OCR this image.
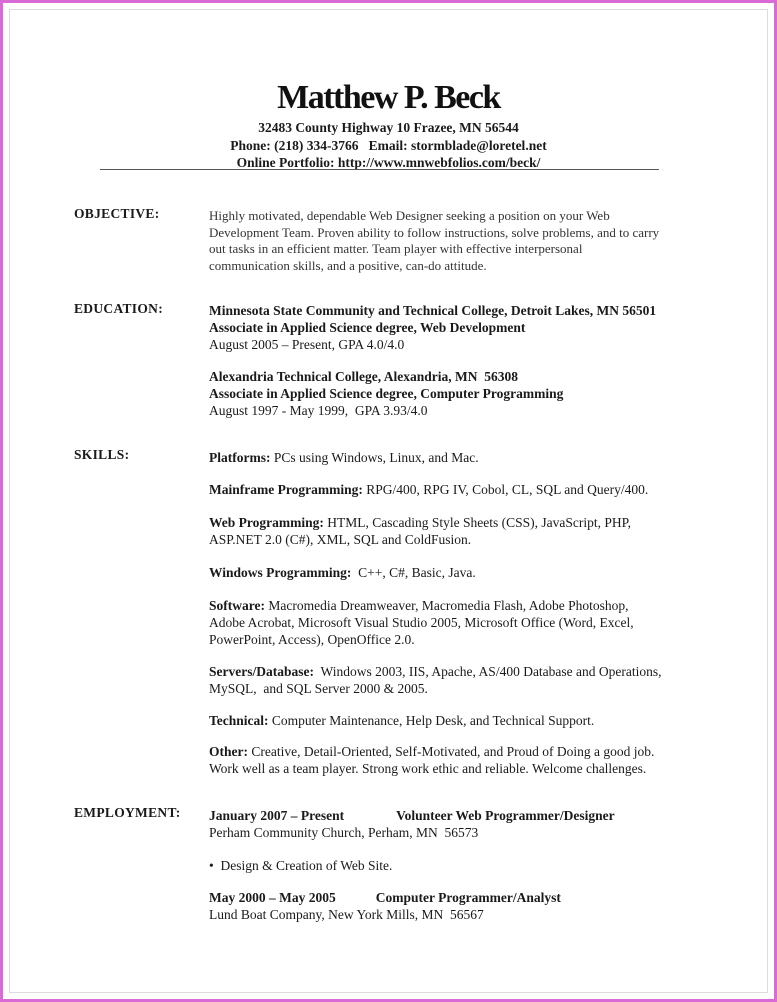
Matthew P. Beck
32483 County Highway 10 Frazee, MN 56544
Phone: (218) 334-3766   Email: stormblade@loretel.net
Online Portfolio: http://www.mnwebfolios.com/beck/
OBJECTIVE:	Highly motivated, dependable Web Designer seeking a position on your Web
Development Team. Proven ability to follow instructions, solve problems, and to carry
out tasks in an efficient matter. Team player with effective interpersonal
communication skills, and a positive, can-do attitude.
EDUCATION:	Minnesota State Community and Technical College, Detroit Lakes, MN 56501
Associate in Applied Science degree, Web Development
August 2005 – Present, GPA 4.0/4.0
Alexandria Technical College, Alexandria, MN  56308
Associate in Applied Science degree, Computer Programming
August 1997 - May 1999,  GPA 3.93/4.0
SKILLS:	Platforms: PCs using Windows, Linux, and Mac.
Mainframe Programming: RPG/400, RPG IV, Cobol, CL, SQL and Query/400.
Web Programming: HTML, Cascading Style Sheets (CSS), JavaScript, PHP,
ASP.NET 2.0 (C#), XML, SQL and ColdFusion.
Windows Programming:  C++, C#, Basic, Java.
Software: Macromedia Dreamweaver, Macromedia Flash, Adobe Photoshop,
Adobe Acrobat, Microsoft Visual Studio 2005, Microsoft Office (Word, Excel,
PowerPoint, Access), OpenOffice 2.0.
Servers/Database:  Windows 2003, IIS, Apache, AS/400 Database and Operations,
MySQL,  and SQL Server 2000 & 2005.
Technical: Computer Maintenance, Help Desk, and Technical Support.
Other: Creative, Detail-Oriented, Self-Motivated, and Proud of Doing a good job.
Work well as a team player. Strong work ethic and reliable. Welcome challenges.
EMPLOYMENT: January 2007 – Present	Volunteer Web Programmer/Designer
Perham Community Church, Perham, MN  56573
•  Design & Creation of Web Site.
May 2000 – May 2005	Computer Programmer/Analyst
Lund Boat Company, New York Mills, MN  56567
